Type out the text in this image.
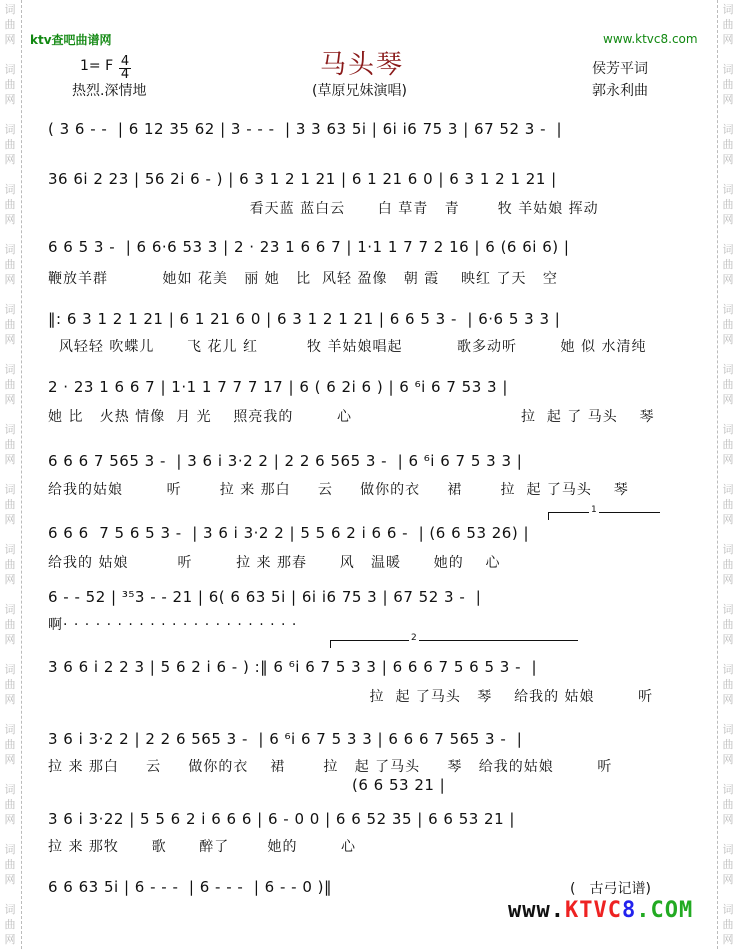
词
曲
网
词
曲
网
词
曲
网
词
曲
网
词
曲
网
词
曲
网
词
曲
网
词
曲
网
词
曲
网
词
曲
网
词
曲
网
词
曲
网
词
曲
网
词
曲
网
词
曲
网
词
曲
网
词
曲
网
词
曲
网
词
曲
网
词
曲
网
词
曲
网
词
曲
网
词
曲
网
词
曲
网
词
曲
网
词
曲
网
词
曲
网
词
曲
网
词
曲
网
词
曲
网
词
曲
网
词
曲
网
ktv查吧曲谱网	www.ktvc8.com
1= F $\frac{4}{4}$
热烈.深情地
马头琴
(草原兄妹演唱)
侯芳平词
郭永利曲
( 3 6 - -  | 6 12 35 62 | 3 - - -  | 3 3 63 5i | 6i i6 75 3 | 67 52 3 -  |
36 6i 2 23 | 56 2i 6 - ) | 6 3 1 2 1 21 | 6 1 21 6 0 | 6 3 1 2 1 21 |
看天蓝 蓝白云      白 草青   青       牧 羊姑娘 挥动
6 6 5 3 -  | 6 6·6 53 3 | 2 · 23 1 6 6 7 | 1·1 1 7 7 2 16 | 6 (6 6i 6) |
鞭放羊群          她如 花美   丽 她   比  风轻 盈像   朝 霞    映红 了天   空
‖: 6 3 1 2 1 21 | 6 1 21 6 0 | 6 3 1 2 1 21 | 6 6 5 3 -  | 6·6 5 3 3 |
风轻轻 吹蝶儿      飞 花儿 红         牧 羊姑娘唱起          歌多动听        她 似 水清纯
2 · 23 1 6 6 7 | 1·1 1 7 7 7 17 | 6 ( 6 2i 6 ) | 6 ⁶i 6 7 53 3 |
她 比   火热 情像  月 光    照亮我的        心                               拉  起 了 马头    琴
6 6 6 7 565 3 -  | 3 6 i 3·2 2 | 2 2 6 565 3 -  | 6 ⁶i 6 7 5 3 3 |
给我的姑娘        听       拉 来 那白     云     做你的衣     裙       拉  起 了马头    琴
1
6 6 6  7 5 6 5 3 -  | 3 6 i 3·2 2 | 5 5 6 2 i 6 6 -  | (6 6 53 26) |
给我的 姑娘         听        拉 来 那春      风   温暖      她的    心
6 - - 52 | ³⁵3 - - 21 | 6( 6 63 5i | 6i i6 75 3 | 67 52 3 -  |
啊· · · · · · · · · · · · · · · · · · · · · ·
2
3 6 6 i 2 2 3 | 5 6 2 i 6 - ) :‖ 6 ⁶i 6 7 5 3 3 | 6 6 6 7 5 6 5 3 -  |
拉  起 了马头   琴    给我的 姑娘        听
3 6 i 3·2 2 | 2 2 6 565 3 -  | 6 ⁶i 6 7 5 3 3 | 6 6 6 7 565 3 -  |
拉 来 那白     云     做你的衣    裙       拉   起 了马头     琴   给我的姑娘        听
(6 6 53 21 |
3 6 i 3·22 | 5 5 6 2 i 6 6 6 | 6 - 0 0 | 6 6 52 35 | 6 6 53 21 |
拉 来 那牧      歌      醉了       她的        心
6 6 63 5i | 6 - - -  | 6 - - -  | 6 - - 0 )‖	(　古弓记谱)
www.KTVC8.COM
